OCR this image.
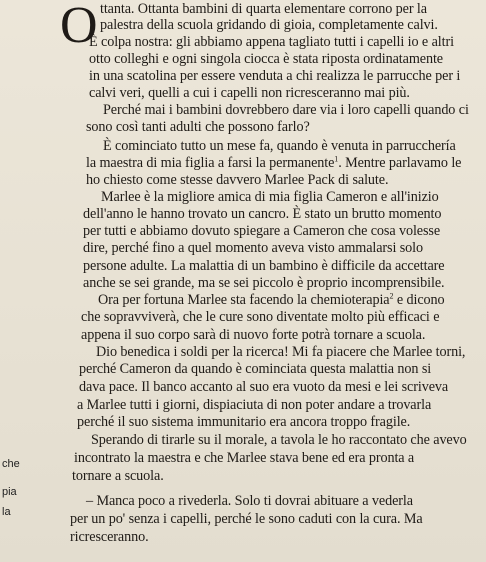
O ttanta. Ottanta bambini di quarta elementare corrono per la
palestra della scuola gridando di gioia, completamente calvi.
È colpa nostra: gli abbiamo appena tagliato tutti i capelli io e altri
otto colleghi e ogni singola ciocca è stata riposta ordinatamente
in una scatolina per essere venduta a chi realizza le parrucche per i
calvi veri, quelli a cui i capelli non ricresceranno mai più.
Perché mai i bambini dovrebbero dare via i loro capelli quando ci
sono così tanti adulti che possono farlo?
È cominciato tutto un mese fa, quando è venuta in parrucchería
la maestra di mia figlia a farsi la permanente$^1$. Mentre parlavamo le
ho chiesto come stesse davvero Marlee Pack di salute.
Marlee è la migliore amica di mia figlia Cameron e all'inizio
dell'anno le hanno trovato un cancro. È stato un brutto momento
per tutti e abbiamo dovuto spiegare a Cameron che cosa volesse
dire, perché fino a quel momento aveva visto ammalarsi solo
persone adulte. La malattia di un bambino è difficile da accettare
anche se sei grande, ma se sei piccolo è proprio incomprensibile.
Ora per fortuna Marlee sta facendo la chemioterapia$^2$ e dicono
che sopravviverà, che le cure sono diventate molto più efficaci e
appena il suo corpo sarà di nuovo forte potrà tornare a scuola.
Dio benedica i soldi per la ricerca! Mi fa piacere che Marlee torni,
perché Cameron da quando è cominciata questa malattia non si
dava pace. Il banco accanto al suo era vuoto da mesi e lei scriveva
a Marlee tutti i giorni, dispiaciuta di non poter andare a trovarla
perché il suo sistema immunitario era ancora troppo fragile.
Sperando di tirarle su il morale, a tavola le ho raccontato che avevo
incontrato la maestra e che Marlee stava bene ed era pronta a
tornare a scuola.
– Manca poco a rivederla. Solo ti dovrai abituare a vederla
per un po' senza i capelli, perché le sono caduti con la cura. Ma
ricresceranno.
che
pia
la
